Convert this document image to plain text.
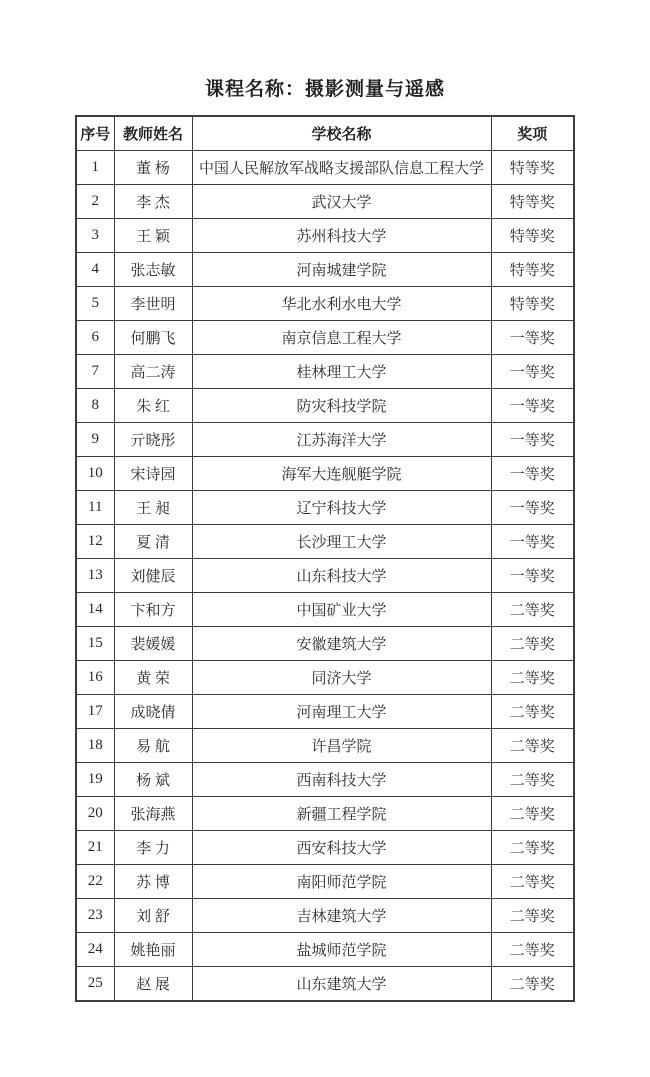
课程名称：摄影测量与遥感
序号	教师姓名	学校名称	奖项
1	董 杨	中国人民解放军战略支援部队信息工程大学	特等奖
2	李 杰	武汉大学	特等奖
3	王 颖	苏州科技大学	特等奖
4	张志敏	河南城建学院	特等奖
5	李世明	华北水利水电大学	特等奖
6	何鹏飞	南京信息工程大学	一等奖
7	高二涛	桂林理工大学	一等奖
8	朱 红	防灾科技学院	一等奖
9	亓晓彤	江苏海洋大学	一等奖
10	宋诗园	海军大连舰艇学院	一等奖
11	王 昶	辽宁科技大学	一等奖
12	夏 清	长沙理工大学	一等奖
13	刘健辰	山东科技大学	一等奖
14	卞和方	中国矿业大学	二等奖
15	裴媛媛	安徽建筑大学	二等奖
16	黄 荣	同济大学	二等奖
17	成晓倩	河南理工大学	二等奖
18	易 航	许昌学院	二等奖
19	杨 斌	西南科技大学	二等奖
20	张海燕	新疆工程学院	二等奖
21	李 力	西安科技大学	二等奖
22	苏 博	南阳师范学院	二等奖
23	刘 舒	吉林建筑大学	二等奖
24	姚艳丽	盐城师范学院	二等奖
25	赵 展	山东建筑大学	二等奖
